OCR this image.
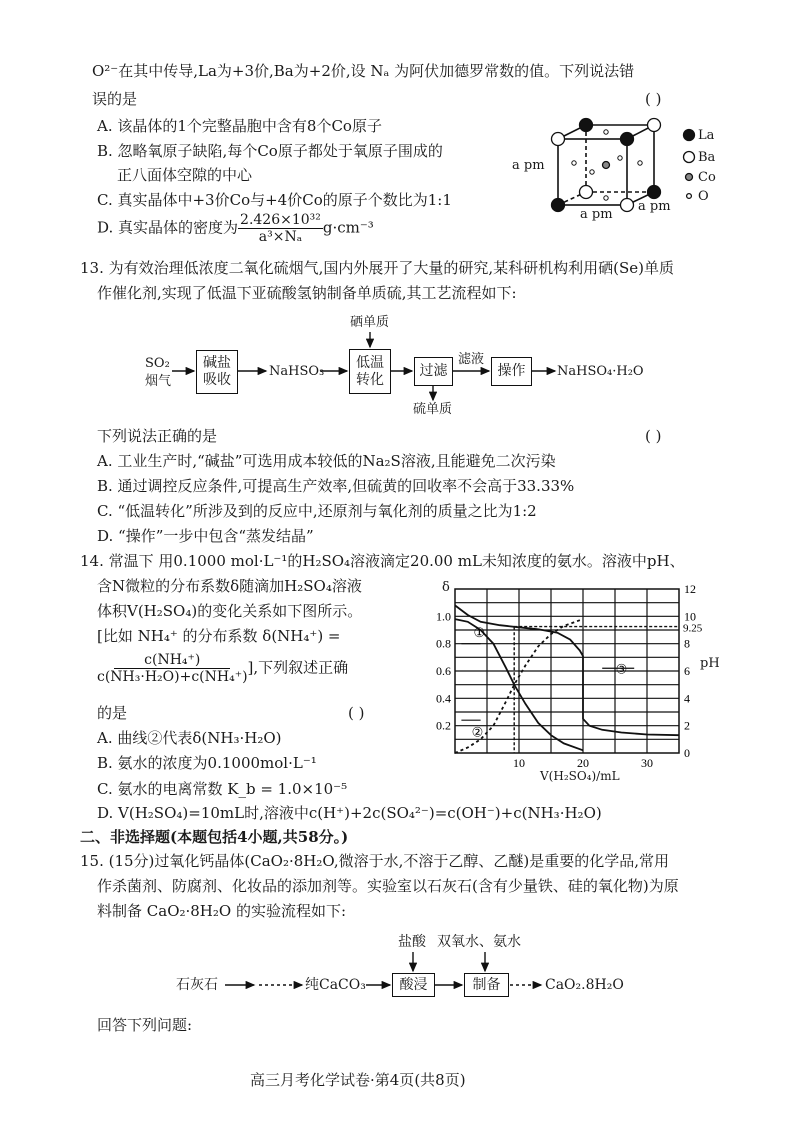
O²⁻在其中传导,La为+3价,Ba为+2价,设 Nₐ 为阿伏加德罗常数的值。下列说法错
误的是	( )
A. 该晶体的1个完整晶胞中含有8个Co原子
B. 忽略氧原子缺陷,每个Co原子都处于氧原子围成的
正八面体空隙的中心
C. 真实晶体中+3价Co与+4价Co的原子个数比为1:1
D. 真实晶体的密度为 $\frac{\text{2.426×10³²}}{\text{a³×Nₐ}} g\cdot cm^{-3}$
a pm
a pm
a pm
La
Ba
Co
O
13. 为有效治理低浓度二氧化硫烟气,国内外展开了大量的研究,某科研机构利用硒(Se)单质
作催化剂,实现了低温下亚硫酸氢钠制备单质硫,其工艺流程如下:
SO₂
烟气
碱盐吸收
NaHSO₃
硒单质
低温转化
过滤
硫单质
滤液
操作	NaHSO₄·H₂O
下列说法正确的是	( )
A. 工业生产时,“碱盐”可选用成本较低的Na₂S溶液,且能避免二次污染
B. 通过调控反应条件,可提高生产效率,但硫黄的回收率不会高于33.33%
C. “低温转化”所涉及到的反应中,还原剂与氧化剂的质量之比为1:2
D. “操作”一步中包含“蒸发结晶”
14. 常温下 用0.1000 mol·L⁻¹的H₂SO₄溶液滴定20.00 mL未知浓度的氨水。溶液中pH、
含N微粒的分布系数δ随滴加H₂SO₄溶液
体积V(H₂SO₄)的变化关系如下图所示。
[比如 NH₄⁺ 的分布系数 δ(NH₄⁺) =
$\frac{\text{c(NH₄⁺)}}{\text{c(NH₃·H₂O)+c(NH₄⁺)}}$ ],下列叙述正确
的是	( )
A. 曲线②代表δ(NH₃·H₂O)
B. 氨水的浓度为0.1000mol·L⁻¹
C. 氨水的电离常数 K_b = 1.0×10⁻⁵
D. V(H₂SO₄)=10mL时,溶液中c(H⁺)+2c(SO₄²⁻)=c(OH⁻)+c(NH₃·H₂O)
10	20	30
0.2
0.4
0.6
0.8
1.0
0
2
4
6
8
10
12
9.25
①
②
③
δ
pH
V(H₂SO₄)/mL
二、非选择题(本题包括4小题,共58分。)
15. (15分)过氧化钙晶体(CaO₂·8H₂O,微溶于水,不溶于乙醇、乙醚)是重要的化学品,常用
作杀菌剂、防腐剂、化妆品的添加剂等。实验室以石灰石(含有少量铁、硅的氧化物)为原
料制备 CaO₂·8H₂O 的实验流程如下:
石灰石	纯CaCO₃
盐酸
酸浸
双氧水、氨水
制备	CaO₂.8H₂O
回答下列问题:
高三月考化学试卷·第4页(共8页)
